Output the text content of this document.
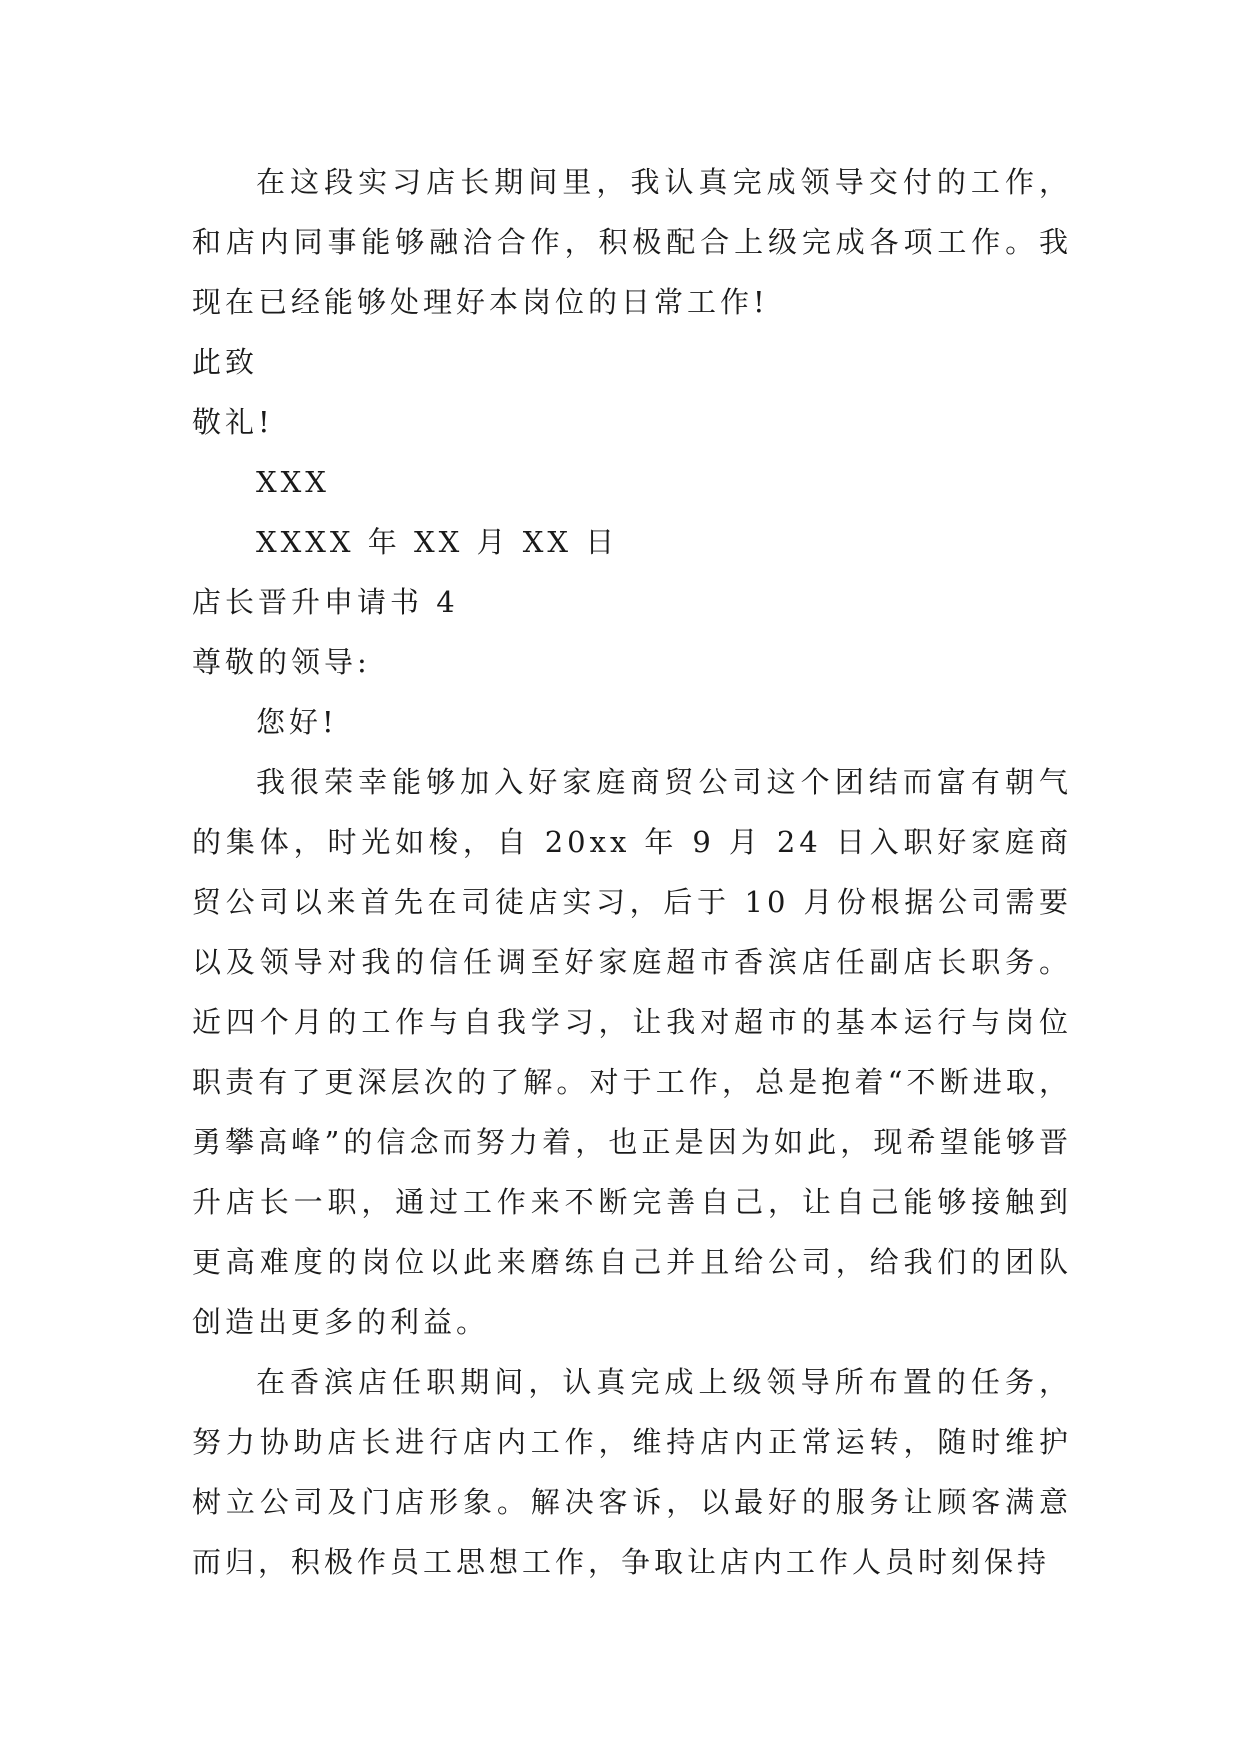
在这段实习店长期间里，我认真完成领导交付的工作，和店内同事能够融洽合作，积极配合上级完成各项工作。我现在已经能够处理好本岗位的日常工作!

此致

敬礼!

XXX

XXXX 年 XX 月 XX 日

店长晋升申请书 4

尊敬的领导:

您好!

我很荣幸能够加入好家庭商贸公司这个团结而富有朝气的集体，时光如梭，自 20xx 年 9 月 24 日入职好家庭商贸公司以来首先在司徒店实习，后于 10 月份根据公司需要以及领导对我的信任调至好家庭超市香滨店任副店长职务。近四个月的工作与自我学习，让我对超市的基本运行与岗位职责有了更深层次的了解。对于工作，总是抱着“不断进取，勇攀高峰”的信念而努力着，也正是因为如此，现希望能够晋升店长一职，通过工作来不断完善自己，让自己能够接触到更高难度的岗位以此来磨练自己并且给公司，给我们的团队创造出更多的利益。

在香滨店任职期间，认真完成上级领导所布置的任务，努力协助店长进行店内工作，维持店内正常运转，随时维护树立公司及门店形象。解决客诉，以最好的服务让顾客满意而归，积极作员工思想工作，争取让店内工作人员时刻保持
